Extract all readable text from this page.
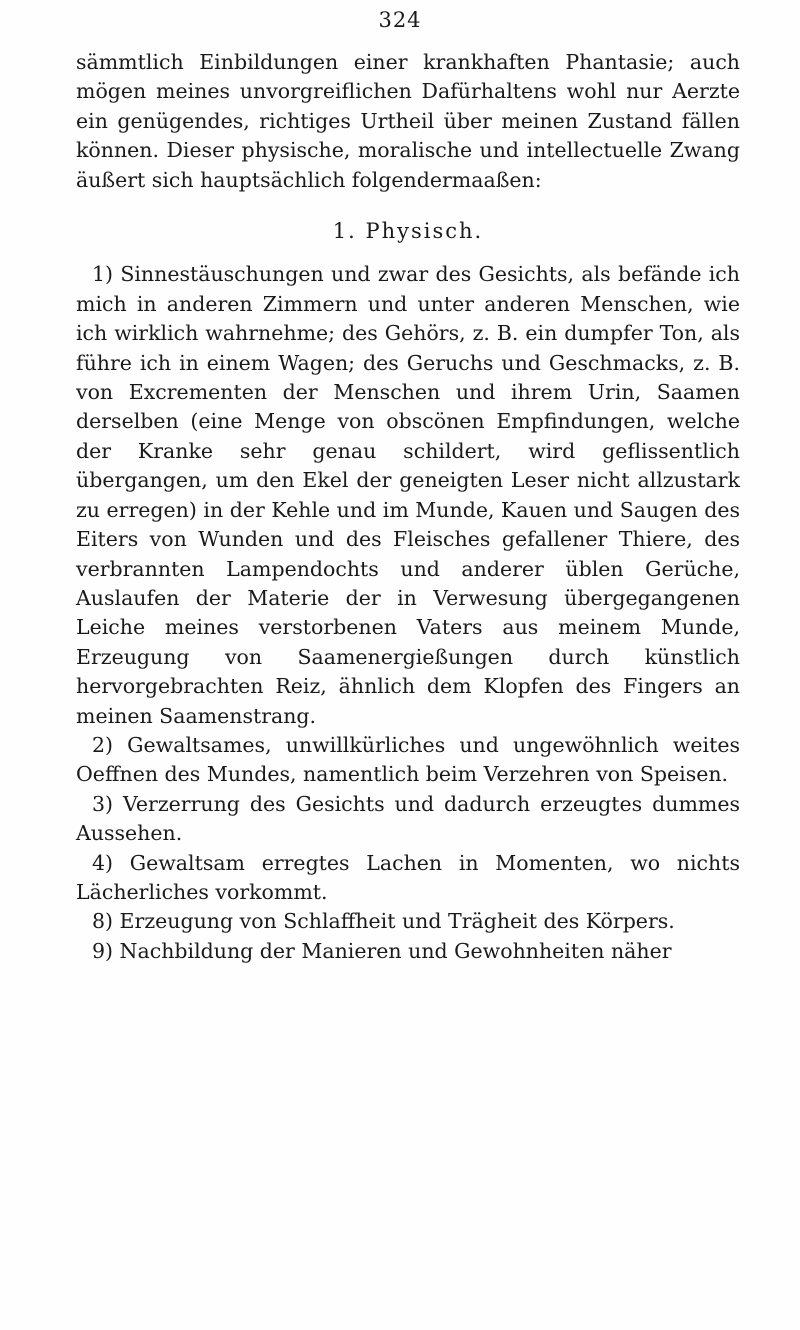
324

sämmtlich Einbildungen einer krankhaften Phantasie; auch mögen meines unvorgreiflichen Dafürhaltens wohl nur Aerzte ein genügendes, richtiges Urtheil über meinen Zustand fällen können. Dieser physische, moralische und intellectuelle Zwang äußert sich hauptsächlich folgendermaaßen:

1. Physisch.

1) Sinnestäuschungen und zwar des Gesichts, als befände ich mich in anderen Zimmern und unter anderen Menschen, wie ich wirklich wahrnehme; des Gehörs, z. B. ein dumpfer Ton, als führe ich in einem Wagen; des Geruchs und Geschmacks, z. B. von Excrementen der Menschen und ihrem Urin, Saamen derselben (eine Menge von obscönen Empfindungen, welche der Kranke sehr genau schildert, wird geflissentlich übergangen, um den Ekel der geneigten Leser nicht allzustark zu erregen) in der Kehle und im Munde, Kauen und Saugen des Eiters von Wunden und des Fleisches gefallener Thiere, des verbrannten Lampendochts und anderer üblen Gerüche, Auslaufen der Materie der in Verwesung übergegangenen Leiche meines verstorbenen Vaters aus meinem Munde, Erzeugung von Saamenergießungen durch künstlich hervorgebrachten Reiz, ähnlich dem Klopfen des Fingers an meinen Saamenstrang.

2) Gewaltsames, unwillkürliches und ungewöhnlich weites Oeffnen des Mundes, namentlich beim Verzehren von Speisen.

3) Verzerrung des Gesichts und dadurch erzeugtes dummes Aussehen.

4) Gewaltsam erregtes Lachen in Momenten, wo nichts Lächerliches vorkommt.

8) Erzeugung von Schlaffheit und Trägheit des Körpers.

9) Nachbildung der Manieren und Gewohnheiten näher
